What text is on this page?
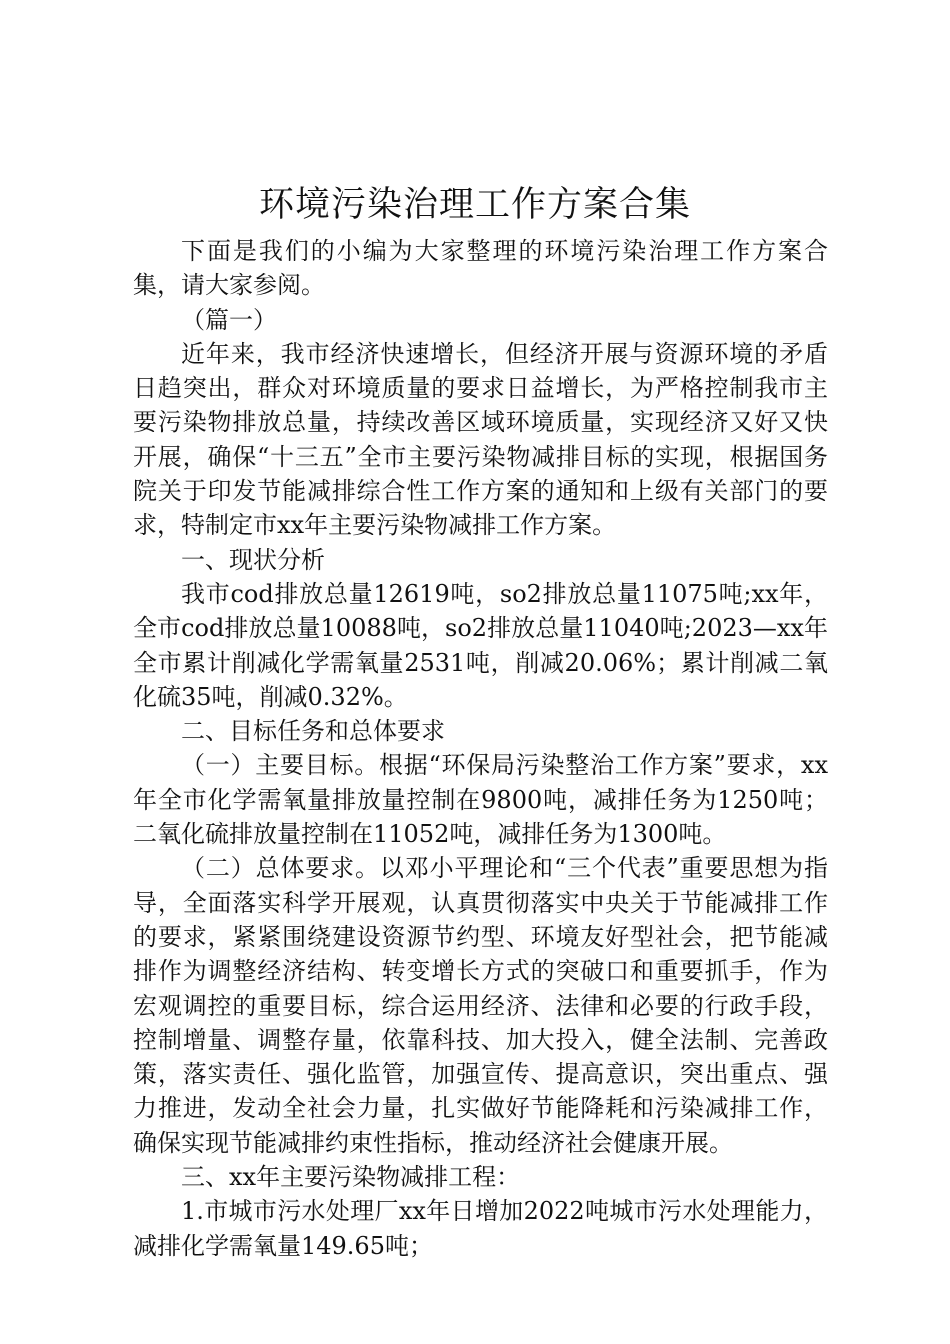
环境污染治理工作方案合集

下面是我们的小编为大家整理的环境污染治理工作方案合集，请大家参阅。

（篇一）

近年来，我市经济快速增长，但经济开展与资源环境的矛盾日趋突出，群众对环境质量的要求日益增长，为严格控制我市主要污染物排放总量，持续改善区域环境质量，实现经济又好又快开展，确保“十三五”全市主要污染物减排目标的实现，根据国务院关于印发节能减排综合性工作方案的通知和上级有关部门的要求，特制定市xx年主要污染物减排工作方案。

一、现状分析

我市cod排放总量12619吨，so2排放总量11075吨;xx年，全市cod排放总量10088吨，so2排放总量11040吨;2023—xx年全市累计削减化学需氧量2531吨，削减20.06%；累计削减二氧化硫35吨，削减0.32%。

二、目标任务和总体要求

（一）主要目标。根据“环保局污染整治工作方案”要求，xx年全市化学需氧量排放量控制在9800吨，减排任务为1250吨；二氧化硫排放量控制在11052吨，减排任务为1300吨。

（二）总体要求。以邓小平理论和“三个代表”重要思想为指导，全面落实科学开展观，认真贯彻落实中央关于节能减排工作的要求，紧紧围绕建设资源节约型、环境友好型社会，把节能减排作为调整经济结构、转变增长方式的突破口和重要抓手，作为宏观调控的重要目标，综合运用经济、法律和必要的行政手段，控制增量、调整存量，依靠科技、加大投入，健全法制、完善政策，落实责任、强化监管，加强宣传、提高意识，突出重点、强力推进，发动全社会力量，扎实做好节能降耗和污染减排工作，确保实现节能减排约束性指标，推动经济社会健康开展。

三、xx年主要污染物减排工程：

1.市城市污水处理厂xx年日增加2022吨城市污水处理能力，减排化学需氧量149.65吨；
